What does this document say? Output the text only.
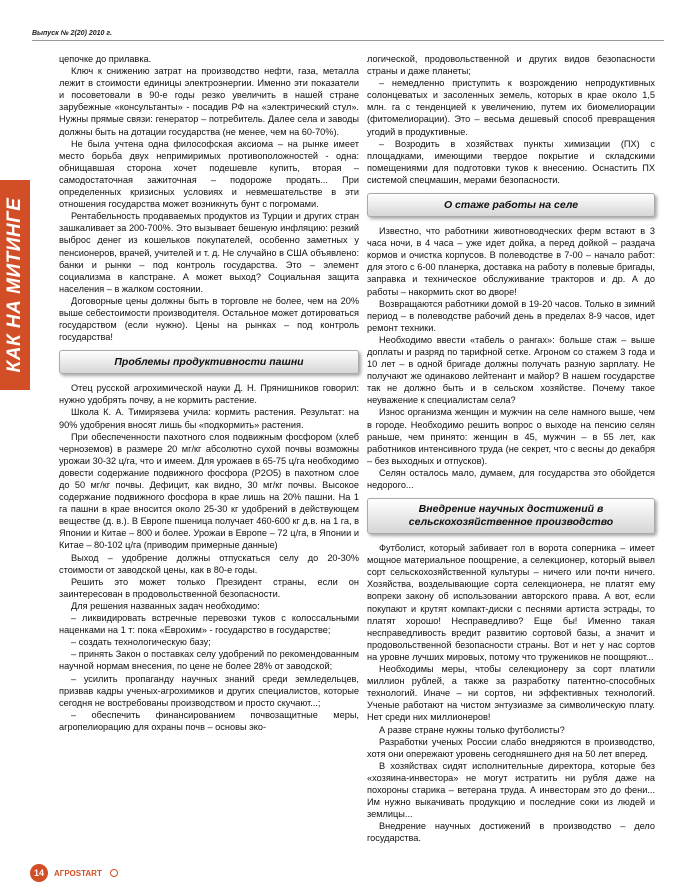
Выпуск № 2(20) 2010 г.
КАК НА МИТИНГЕ

цепочке до прилавка.

Ключ к снижению затрат на производство нефти, газа, металла лежит в стоимости единицы электроэнергии. Именно эти показатели и посоветовали в 90-е годы резко увеличить в нашей стране зарубежные «консультанты» - посадив РФ на «электрический стул». Нужны прямые связи: генератор – потребитель. Далее села и заводы должны быть на дотации государства (не менее, чем на 60-70%).

Не была учтена одна философская аксиома – на рынке имеет место борьба двух непримиримых противоположностей - одна: обнищавшая сторона хочет подешевле купить, вторая – самодостаточная зажиточная – подороже продать... При определенных кризисных условиях и невмешательстве в эти отношения государства может возникнуть бунт с погромами.

Рентабельность продаваемых продуктов из Турции и других стран зашкаливает за 200-700%. Это вызывает бешеную инфляцию: резкий выброс денег из кошельков покупателей, особенно заметных у пенсионеров, врачей, учителей и т. д. Не случайно в США объявлено: банки и рынки – под контроль государства. Это – элемент социализма в капстране. А может выход? Социальная защита населения – в жалком состоянии.

Договорные цены должны быть в торговле не более, чем на 20% выше себестоимости производителя. Остальное может дотироваться государством (если нужно). Цены на рынках – под контроль государства!

Проблемы продуктивности пашни

Отец русской агрохимической науки Д. Н. Прянишников говорил: нужно удобрять почву, а не кормить растение.

Школа К. А. Тимирязева учила: кормить растения. Результат: на 90% удобрения вносят лишь бы «подкормить» растения.

При обеспеченности пахотного слоя подвижным фосфором (хлеб черноземов) в размере 20 мг/кг абсолютно сухой почвы возможны урожаи 30-32 ц/га, что и имеем. Для урожаев в 65-75 ц/га необходимо довести содержание подвижного фосфора (Р2О5) в пахотном слое до 50 мг/кг почвы. Дефицит, как видно, 30 мг/кг почвы. Высокое содержание подвижного фосфора в крае лишь на 20% пашни. На 1 га пашни в крае вносится около 25-30 кг удобрений в действующем веществе (д. в.). В Европе пшеница получает 460-600 кг д.в. на 1 га, в Японии и Китае – 800 и более. Урожаи в Европе – 72 ц/га, в Японии и Китае – 80-102 ц/га (приводим примерные данные)

Выход – удобрение должны отпускаться селу до 20-30% стоимости от заводской цены, как в 80-е годы.

Решить это может только Президент страны, если он заинтересован в продовольственной безопасности.

Для решения названных задач необходимо:

– ликвидировать встречные перевозки туков с колоссальными наценками на 1 т: пока «Еврохим» - государство в государстве;

– создать технологическую базу;

– принять Закон о поставках селу удобрений по рекомендованным научной нормам внесения, по цене не более 28% от заводской;

– усилить пропаганду научных знаний среди земледельцев, призвав кадры ученых-агрохимиков и других специалистов, которые сегодня не востребованы производством и просто скучают...;

– обеспечить финансированием почвозащитные меры, агропелиорацию для охраны почв – основы эко-

логической, продовольственной и других видов безопасности страны и даже планеты;

– немедленно приступить к возрождению непродуктивных солонцеватых и засоленных земель, которых в крае около 1,5 млн. га с тенденцией к увеличению, путем их биомелиорации (фитомелиорации). Это – весьма дешевый способ превращения угодий в продуктивные.

– Возродить в хозяйствах пункты химизации (ПХ) с площадками, имеющими твердое покрытие и складскими помещениями для подготовки туков к внесению. Оснастить ПХ системой спецмашин, мерами безопасности.

О стаже работы на селе

Известно, что работники животноводческих ферм встают в 3 часа ночи, в 4 часа – уже идет дойка, а перед дойкой – раздача кормов и очистка корпусов. В полеводстве в 7-00 – начало работ: для этого с 6-00 планерка, доставка на работу в полевые бригады, заправка и техническое обслуживание тракторов и др. А до работы – накормить скот во дворе!

Возвращаются работники домой в 19-20 часов. Только в зимний период – в полеводстве рабочий день в пределах 8-9 часов, идет ремонт техники.

Необходимо ввести «табель о рангах»: больше стаж – выше доплаты и разряд по тарифной сетке. Агроном со стажем 3 года и 10 лет – в одной бригаде должны получать разную зарплату. Не получают же одинаково лейтенант и майор? В нашем государстве так не должно быть и в сельском хозяйстве. Почему такое неуважение к специалистам села?

Износ организма женщин и мужчин на селе намного выше, чем в городе. Необходимо решить вопрос о выходе на пенсию селян раньше, чем принято: женщин в 45, мужчин – в 55 лет, как работников интенсивного труда (не секрет, что с весны до декабря – без выходных и отпусков).

Селян осталось мало, думаем, для государства это обойдется недорого...

Внедрение научных достижений в сельскохозяйственное производство

Футболист, который забивает гол в ворота соперника – имеет мощное материальное поощрение, а селекционер, который вывел сорт сельскохозяйственной культуры – ничего или почти ничего. Хозяйства, возделывающие сорта селекционера, не платят ему вопреки закону об использовании авторского права. А вот, если покупают и крутят компакт-диски с песнями артиста эстрады, то платят хорошо! Несправедливо? Еще бы! Именно такая несправедливость вредит развитию сортовой базы, а значит и продовольственной безопасности страны. Вот и нет у нас сортов на уровне лучших мировых, потому что тружеников не поощряют...

Необходимы меры, чтобы селекционеру за сорт платили миллион рублей, а также за разработку патентно-способных технологий. Иначе – ни сортов, ни эффективных технологий. Ученые работают на чистом энтузиазме за символическую плату. Нет среди них миллионеров!

А разве стране нужны только футболисты?

Разработки ученых России слабо внедряются в производство, хотя они опережают уровень сегодняшнего дня на 50 лет вперед.

В хозяйствах сидят исполнительные директора, которые без «хозяина-инвестора» не могут истратить ни рубля даже на похороны старика – ветерана труда. А инвесторам это до фени... Им нужно выкачивать продукцию и последние соки из людей и землицы...

Внедрение научных достижений в производство – дело государства.

14	АГРОSTART
